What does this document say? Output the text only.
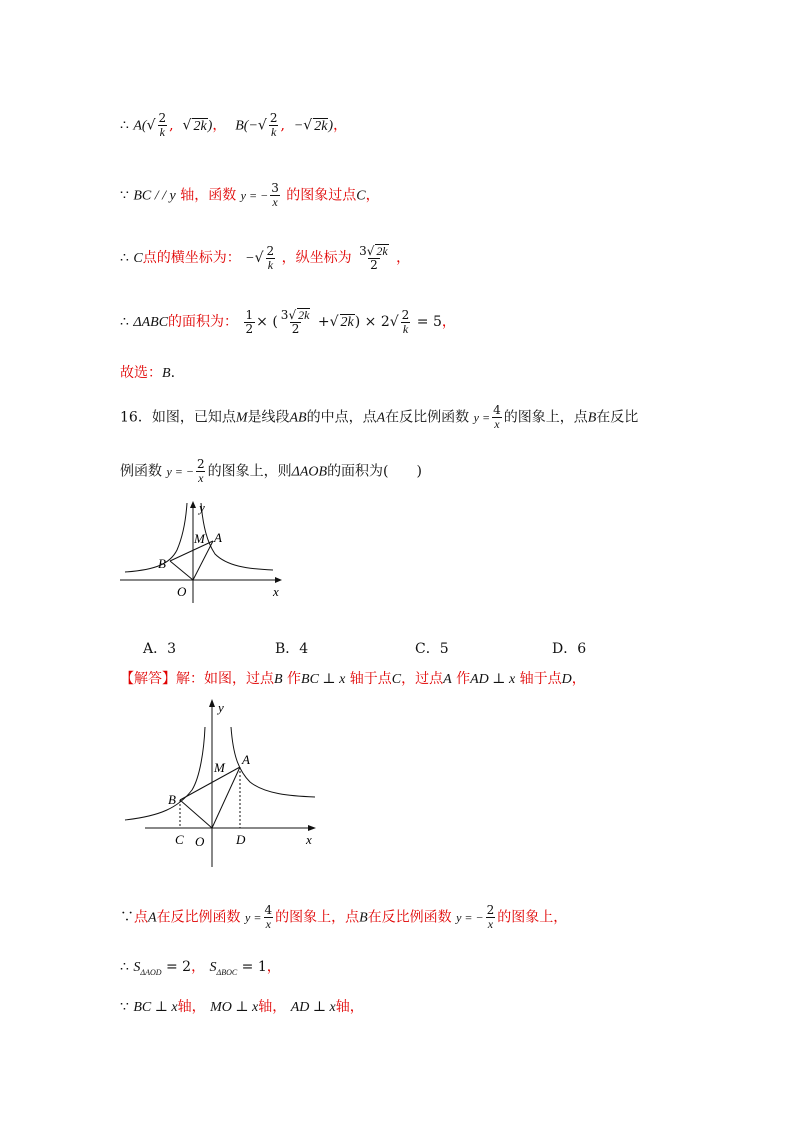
∴ $A(√ \frac{2}{k}$ , √ 2k)， $B(-√ \frac{2}{k}$ , −√ 2k)，
∵ BC / / y 轴，函数 y = − $\frac{3}{x}$ 的图象过点C，
∴ C点的横坐标为： −√ $\frac{2}{k}$ ，纵坐标为 $\frac{3√ 2k}{2}$ ，
∴ ΔABC的面积为： $\frac{1}{2}$ × ( $\frac{3√ 2k}{2}$ +√ $2k) \times 2√ \frac{2}{k} = 5$，
故选：B.
16．如图，已知点M是线段AB的中点，点A在反比例函数 $y = \frac{4}{x}$ 的图象上，点B在反比
例函数 y = − $\frac{2}{x}$ 的图象上，则ΔAOB的面积为(　　)
y
x
O
A
B
M
A．3	B．4	C．5	D．6
【解答】解：如图，过点B 作BC ⊥ x 轴于点C，过点A 作AD ⊥ x 轴于点D，
y
x
O
A
B
M
C	D
∵点A在反比例函数 $y = \frac{4}{x}$ 的图象上，点B在反比例函数 y = − $\frac{2}{x}$ 的图象上，
∴ $S_{\Delta AOD} = 2$， $S_{\Delta BOC} = 1$，
∵ BC ⊥ x轴， MO ⊥ x轴， AD ⊥ x轴，
